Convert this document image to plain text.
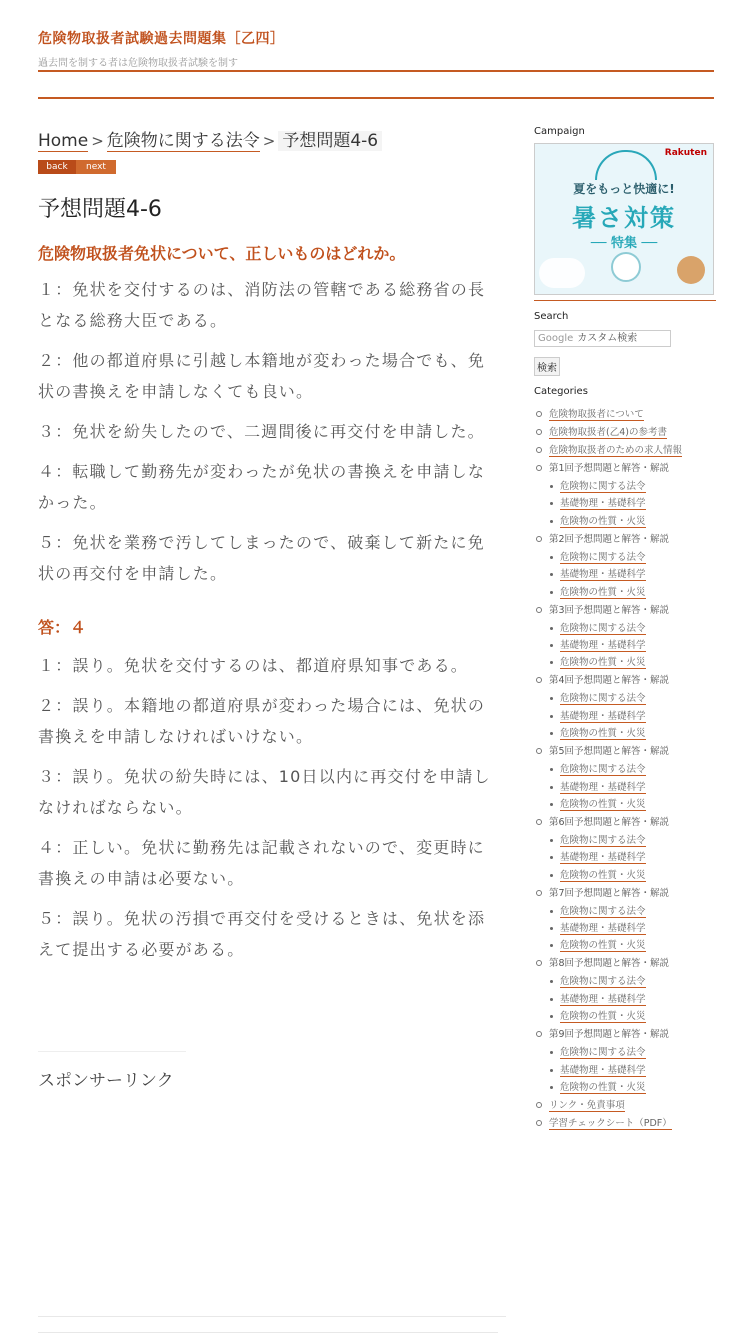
危険物取扱者試験過去問題集［乙四］
過去問を制する者は危険物取扱者試験を制す
Home > 危険物に関する法令 > 予想問題4-6
back	next
予想問題4-6
危険物取扱者免状について、正しいものはどれか。
１：免状を交付するのは、消防法の管轄である総務省の長となる総務大臣である。
２：他の都道府県に引越し本籍地が変わった場合でも、免状の書換えを申請しなくても良い。
３：免状を紛失したので、二週間後に再交付を申請した。
４：転職して勤務先が変わったが免状の書換えを申請しなかった。
５：免状を業務で汚してしまったので、破棄して新たに免状の再交付を申請した。
答：４
１：誤り。免状を交付するのは、都道府県知事である。
２：誤り。本籍地の都道府県が変わった場合には、免状の書換えを申請しなければいけない。
３：誤り。免状の紛失時には、10日以内に再交付を申請しなければならない。
４：正しい。免状に勤務先は記載されないので、変更時に書換えの申請は必要ない。
５：誤り。免状の汚損で再交付を受けるときは、免状を添えて提出する必要がある。
スポンサーリンク
Campaign
Rakuten
夏をもっと快適に!
暑さ対策
── 特集 ──
Search
Google カスタム検索
検索
Categories
危険物取扱者について
危険物取扱者(乙4)の参考書
危険物取扱者のための求人情報
第1回予想問題と解答・解説
危険物に関する法令
基礎物理・基礎科学
危険物の性質・火災
第2回予想問題と解答・解説
危険物に関する法令
基礎物理・基礎科学
危険物の性質・火災
第3回予想問題と解答・解説
危険物に関する法令
基礎物理・基礎科学
危険物の性質・火災
第4回予想問題と解答・解説
危険物に関する法令
基礎物理・基礎科学
危険物の性質・火災
第5回予想問題と解答・解説
危険物に関する法令
基礎物理・基礎科学
危険物の性質・火災
第6回予想問題と解答・解説
危険物に関する法令
基礎物理・基礎科学
危険物の性質・火災
第7回予想問題と解答・解説
危険物に関する法令
基礎物理・基礎科学
危険物の性質・火災
第8回予想問題と解答・解説
危険物に関する法令
基礎物理・基礎科学
危険物の性質・火災
第9回予想問題と解答・解説
危険物に関する法令
基礎物理・基礎科学
危険物の性質・火災
リンク・免責事項
学習チェックシート（PDF）
